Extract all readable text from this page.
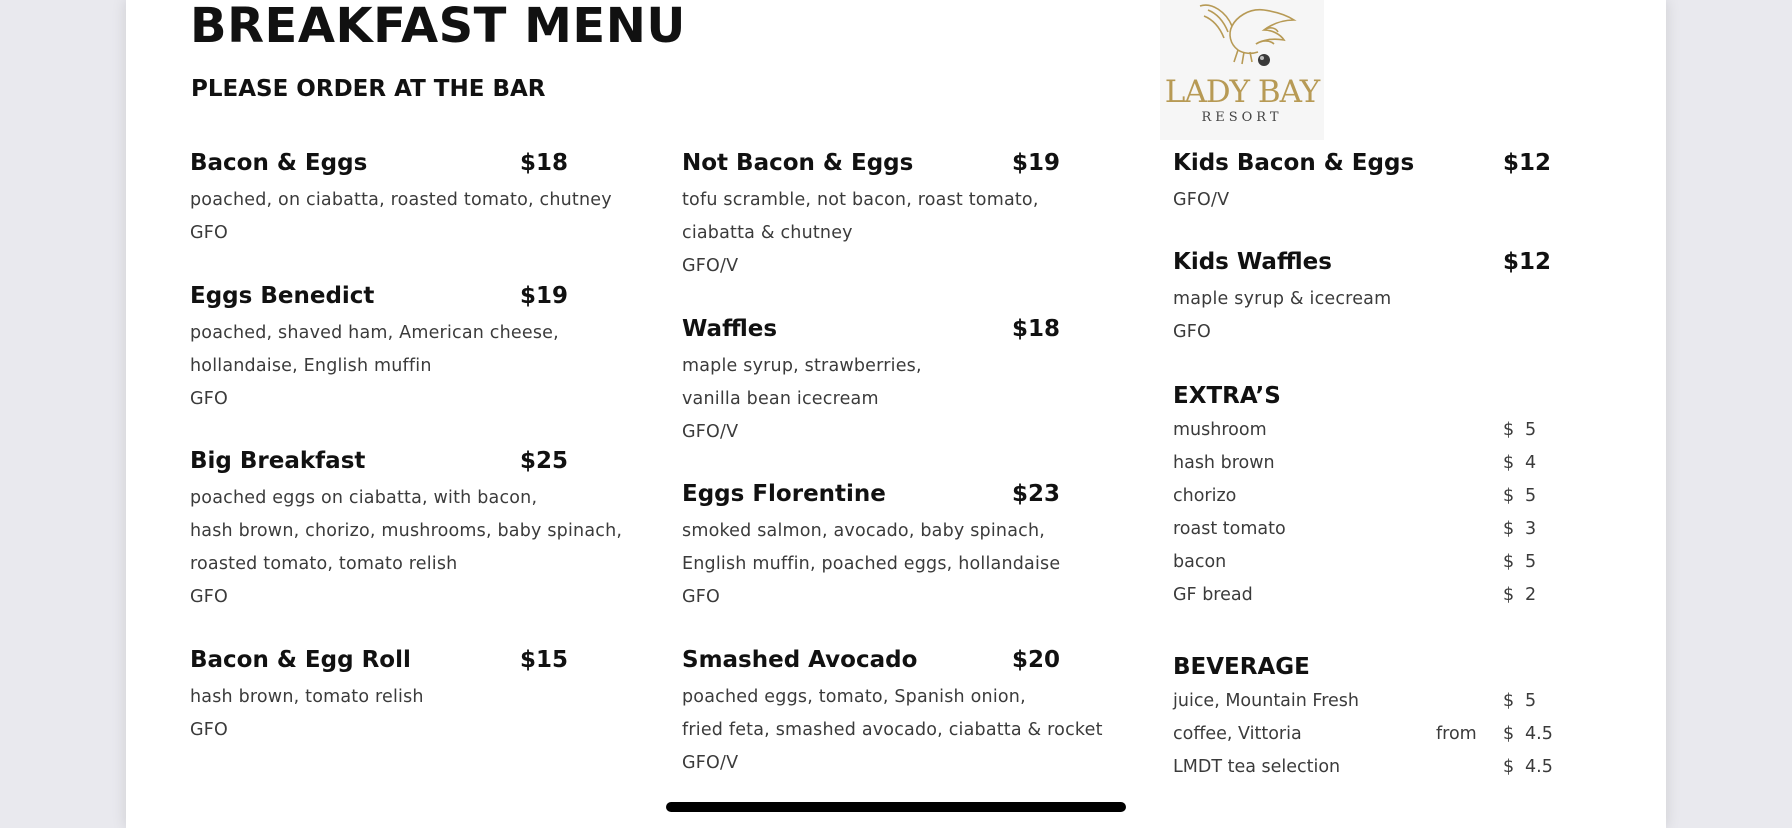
BREAKFAST MENU
PLEASE ORDER AT THE BAR	LADY BAY
RESORT
Bacon & Eggs	$18
poached, on ciabatta, roasted tomato, chutney
GFO
Eggs Benedict	$19
poached, shaved ham, American cheese,
hollandaise, English muffin
GFO
Big Breakfast	$25
poached eggs on ciabatta, with bacon,
hash brown, chorizo, mushrooms, baby spinach,
roasted tomato, tomato relish
GFO
Bacon & Egg Roll	$15
hash brown, tomato relish
GFO
Not Bacon & Eggs	$19
tofu scramble, not bacon, roast tomato,
ciabatta & chutney
GFO/V
Waffles	$18
maple syrup, strawberries,
vanilla bean icecream
GFO/V
Eggs Florentine	$23
smoked salmon, avocado, baby spinach,
English muffin, poached eggs, hollandaise
GFO
Smashed Avocado	$20
poached eggs, tomato, Spanish onion,
fried feta, smashed avocado, ciabatta & rocket
GFO/V
Kids Bacon & Eggs	$12
GFO/V
Kids Waffles	$12
maple syrup & icecream
GFO
EXTRA’S
mushroom	$ 5
hash brown	$ 4
chorizo	$ 5
roast tomato	$ 3
bacon	$ 5
GF bread	$ 2
BEVERAGE
juice, Mountain Fresh	$ 5
coffee, Vittoria	from $ 4.5
LMDT tea selection	$ 4.5
